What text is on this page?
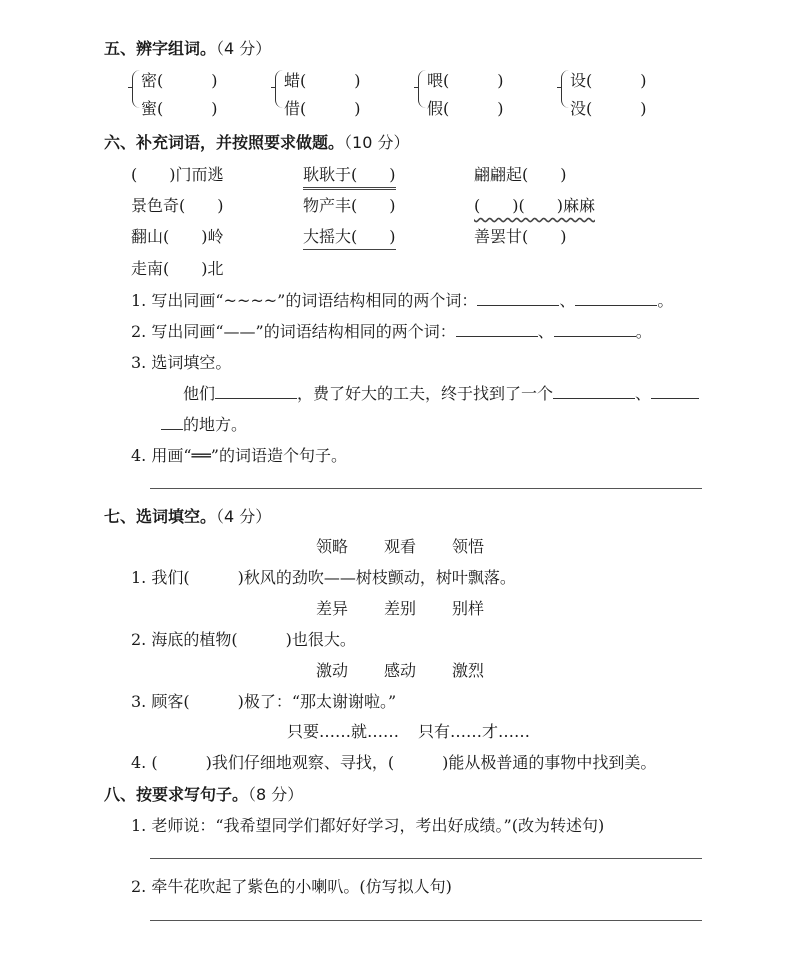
五、辨字组词。（4 分）
密(　　　)
蜜(　　　)
蜡(　　　)
借(　　　)
喂(　　　)
假(　　　)
设(　　　)
没(　　　)
六、补充词语，并按照要求做题。（10 分）
(　　)门而逃	耿耿于(　　)	翩翩起(　　)
景色奇(　　)	物产丰(　　)	(　　)(　　)麻麻
翻山(　　)岭	大摇大(　　)	善罢甘(　　)
走南(　　)北
1. 写出同画“~~~~”的词语结构相同的两个词：	、	。
2. 写出同画“——”的词语结构相同的两个词：	、	。
3. 选词填空。
他们	，费了好大的工夫，终于找到了一个	、
的地方。
4. 用画“══”的词语造个句子。
七、选词填空。（4 分）
领略 观看 领悟
1. 我们(　　　)秋风的劲吹——树枝颤动，树叶飘落。
差异 差别 别样
2. 海底的植物(　　　)也很大。
激动 感动 激烈
3. 顾客(　　　)极了：“那太谢谢啦。”
只要……就…… 只有……才……
4. (　　　)我们仔细地观察、寻找，(　　　)能从极普通的事物中找到美。
八、按要求写句子。（8 分）
1. 老师说：“我希望同学们都好好学习，考出好成绩。”(改为转述句)
2. 牵牛花吹起了紫色的小喇叭。(仿写拟人句)
